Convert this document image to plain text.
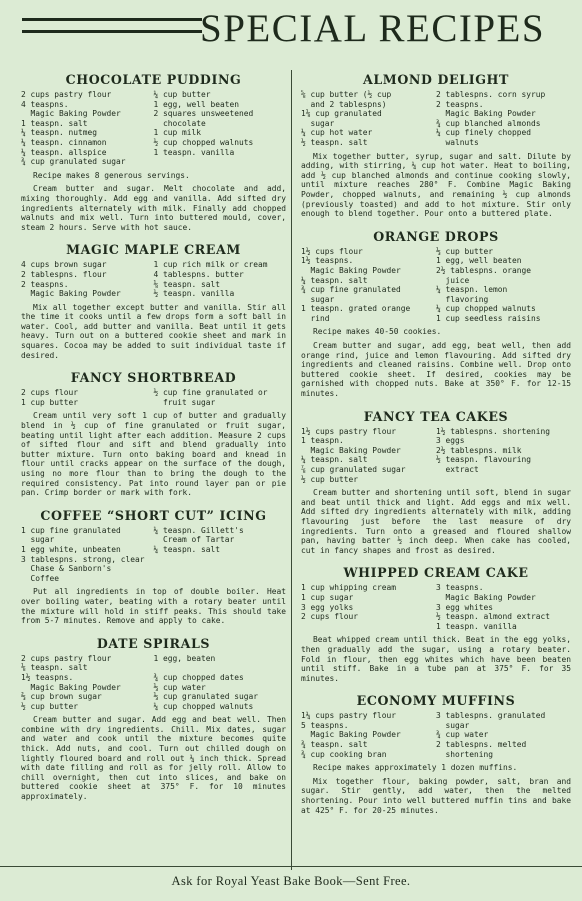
SPECIAL RECIPES
CHOCOLATE PUDDING
2 cups pastry flour
4 teaspns.
Magic Baking Powder
1 teaspn. salt
¼ teaspn. nutmeg
¼ teaspn. cinnamon
¼ teaspn. allspice
¾ cup granulated sugar
¼ cup butter
1 egg, well beaten
2 squares unsweetened
chocolate
1 cup milk
½ cup chopped walnuts
1 teaspn. vanilla
Recipe makes 8 generous servings.
Cream butter and sugar. Melt chocolate and add, mixing thoroughly. Add egg and vanilla. Add sifted dry ingredients alternately with milk. Finally add chopped walnuts and mix well. Turn into buttered mould, cover, steam 2 hours. Serve with hot sauce.
MAGIC MAPLE CREAM
4 cups brown sugar
2 tablespns. flour
2 teaspns.
Magic Baking Powder
1 cup rich milk or cream
4 tablespns. butter
⅛ teaspn. salt
½ teaspn. vanilla
Mix all together except butter and vanilla. Stir all the time it cooks until a few drops form a soft ball in water. Cool, add butter and vanilla. Beat until it gets heavy. Turn out on a buttered cookie sheet and mark in squares. Cocoa may be added to suit individual taste if desired.
FANCY SHORTBREAD
2 cups flour
1 cup butter
½ cup fine granulated or
fruit sugar
Cream until very soft 1 cup of butter and gradually blend in ½ cup of fine granulated or fruit sugar, beating until light after each addition. Measure 2 cups of sifted flour and sift and blend gradually into butter mixture. Turn onto baking board and knead in flour until cracks appear on the surface of the dough, using no more flour than to bring the dough to the required consistency. Pat into round layer pan or pie pan. Crimp border or mark with fork.
COFFEE “SHORT CUT” ICING
1 cup fine granulated
sugar
1 egg white, unbeaten
3 tablespns. strong, clear
Chase & Sanborn's
Coffee
¼ teaspn. Gillett's
Cream of Tartar
¼ teaspn. salt
Put all ingredients in top of double boiler. Heat over boiling water, beating with a rotary beater until the mixture will hold in stiff peaks. This should take from 5-7 minutes. Remove and apply to cake.
DATE SPIRALS
2 cups pastry flour
⅛ teaspn. salt
1½ teaspns.
Magic Baking Powder
⅔ cup brown sugar
½ cup butter
1 egg, beaten

¾ cup chopped dates
⅓ cup water
⅓ cup granulated sugar
¼ cup chopped walnuts
Cream butter and sugar. Add egg and beat well. Then combine with dry ingredients. Chill. Mix dates, sugar and water and cook until the mixture becomes quite thick. Add nuts, and cool. Turn out chilled dough on lightly floured board and roll out ¼ inch thick. Spread with date filling and roll as for jelly roll. Allow to chill overnight, then cut into slices, and bake on buttered cookie sheet at 375° F. for 10 minutes approximately.
ALMOND DELIGHT
⅝ cup butter (½ cup
and 2 tablespns)
1⅛ cup granulated
sugar
¼ cup hot water
½ teaspn. salt
2 tablespns. corn syrup
2 teaspns.
Magic Baking Powder
¾ cup blanched almonds
¼ cup finely chopped
walnuts
Mix together butter, syrup, sugar and salt. Dilute by adding, with stirring, ¼ cup hot water. Heat to boiling, add ½ cup blanched almonds and continue cooking slowly, until mixture reaches 280° F. Combine Magic Baking Powder, chopped walnuts, and remaining ½ cup almonds (previously toasted) and add to hot mixture. Stir only enough to blend together. Pour onto a buttered plate.
ORANGE DROPS
1½ cups flour
1½ teaspns.
Magic Baking Powder
¼ teaspn. salt
¾ cup fine granulated
sugar
1 teaspn. grated orange
rind
⅓ cup butter
1 egg, well beaten
2½ tablespns. orange
juice
¼ teaspn. lemon
flavoring
¼ cup chopped walnuts
1 cup seedless raisins
Recipe makes 40-50 cookies.
Cream butter and sugar, add egg, beat well, then add orange rind, juice and lemon flavouring. Add sifted dry ingredients and cleaned raisins. Combine well. Drop onto buttered cookie sheet. If desired, cookies may be garnished with chopped nuts. Bake at 350° F. for 12-15 minutes.
FANCY TEA CAKES
1½ cups pastry flour
1 teaspn.
Magic Baking Powder
¼ teaspn. salt
⅞ cup granulated sugar
½ cup butter
1½ tablespns. shortening
3 eggs
2½ tablespns. milk
½ teaspn. flavouring
extract
Cream butter and shortening until soft, blend in sugar and beat until thick and light. Add eggs and mix well. Add sifted dry ingredients alternately with milk, adding flavouring just before the last measure of dry ingredients. Turn onto a greased and floured shallow pan, having batter ½ inch deep. When cake has cooled, cut in fancy shapes and frost as desired.
WHIPPED CREAM CAKE
1 cup whipping cream
1 cup sugar
3 egg yolks
2 cups flour
3 teaspns.
Magic Baking Powder
3 egg whites
½ teaspn. almond extract
1 teaspn. vanilla
Beat whipped cream until thick. Beat in the egg yolks, then gradually add the sugar, using a rotary beater. Fold in flour, then egg whites which have been beaten until stiff. Bake in a tube pan at 375° F. for 35 minutes.
ECONOMY MUFFINS
1¼ cups pastry flour
5 teaspns.
Magic Baking Powder
¾ teaspn. salt
¾ cup cooking bran
3 tablespns. granulated
sugar
¾ cup water
2 tablespns. melted
shortening
Recipe makes approximately 1 dozen muffins.
Mix together flour, baking powder, salt, bran and sugar. Stir gently, add water, then the melted shortening. Pour into well buttered muffin tins and bake at 425° F. for 20-25 minutes.
Ask for Royal Yeast Bake Book—Sent Free.
